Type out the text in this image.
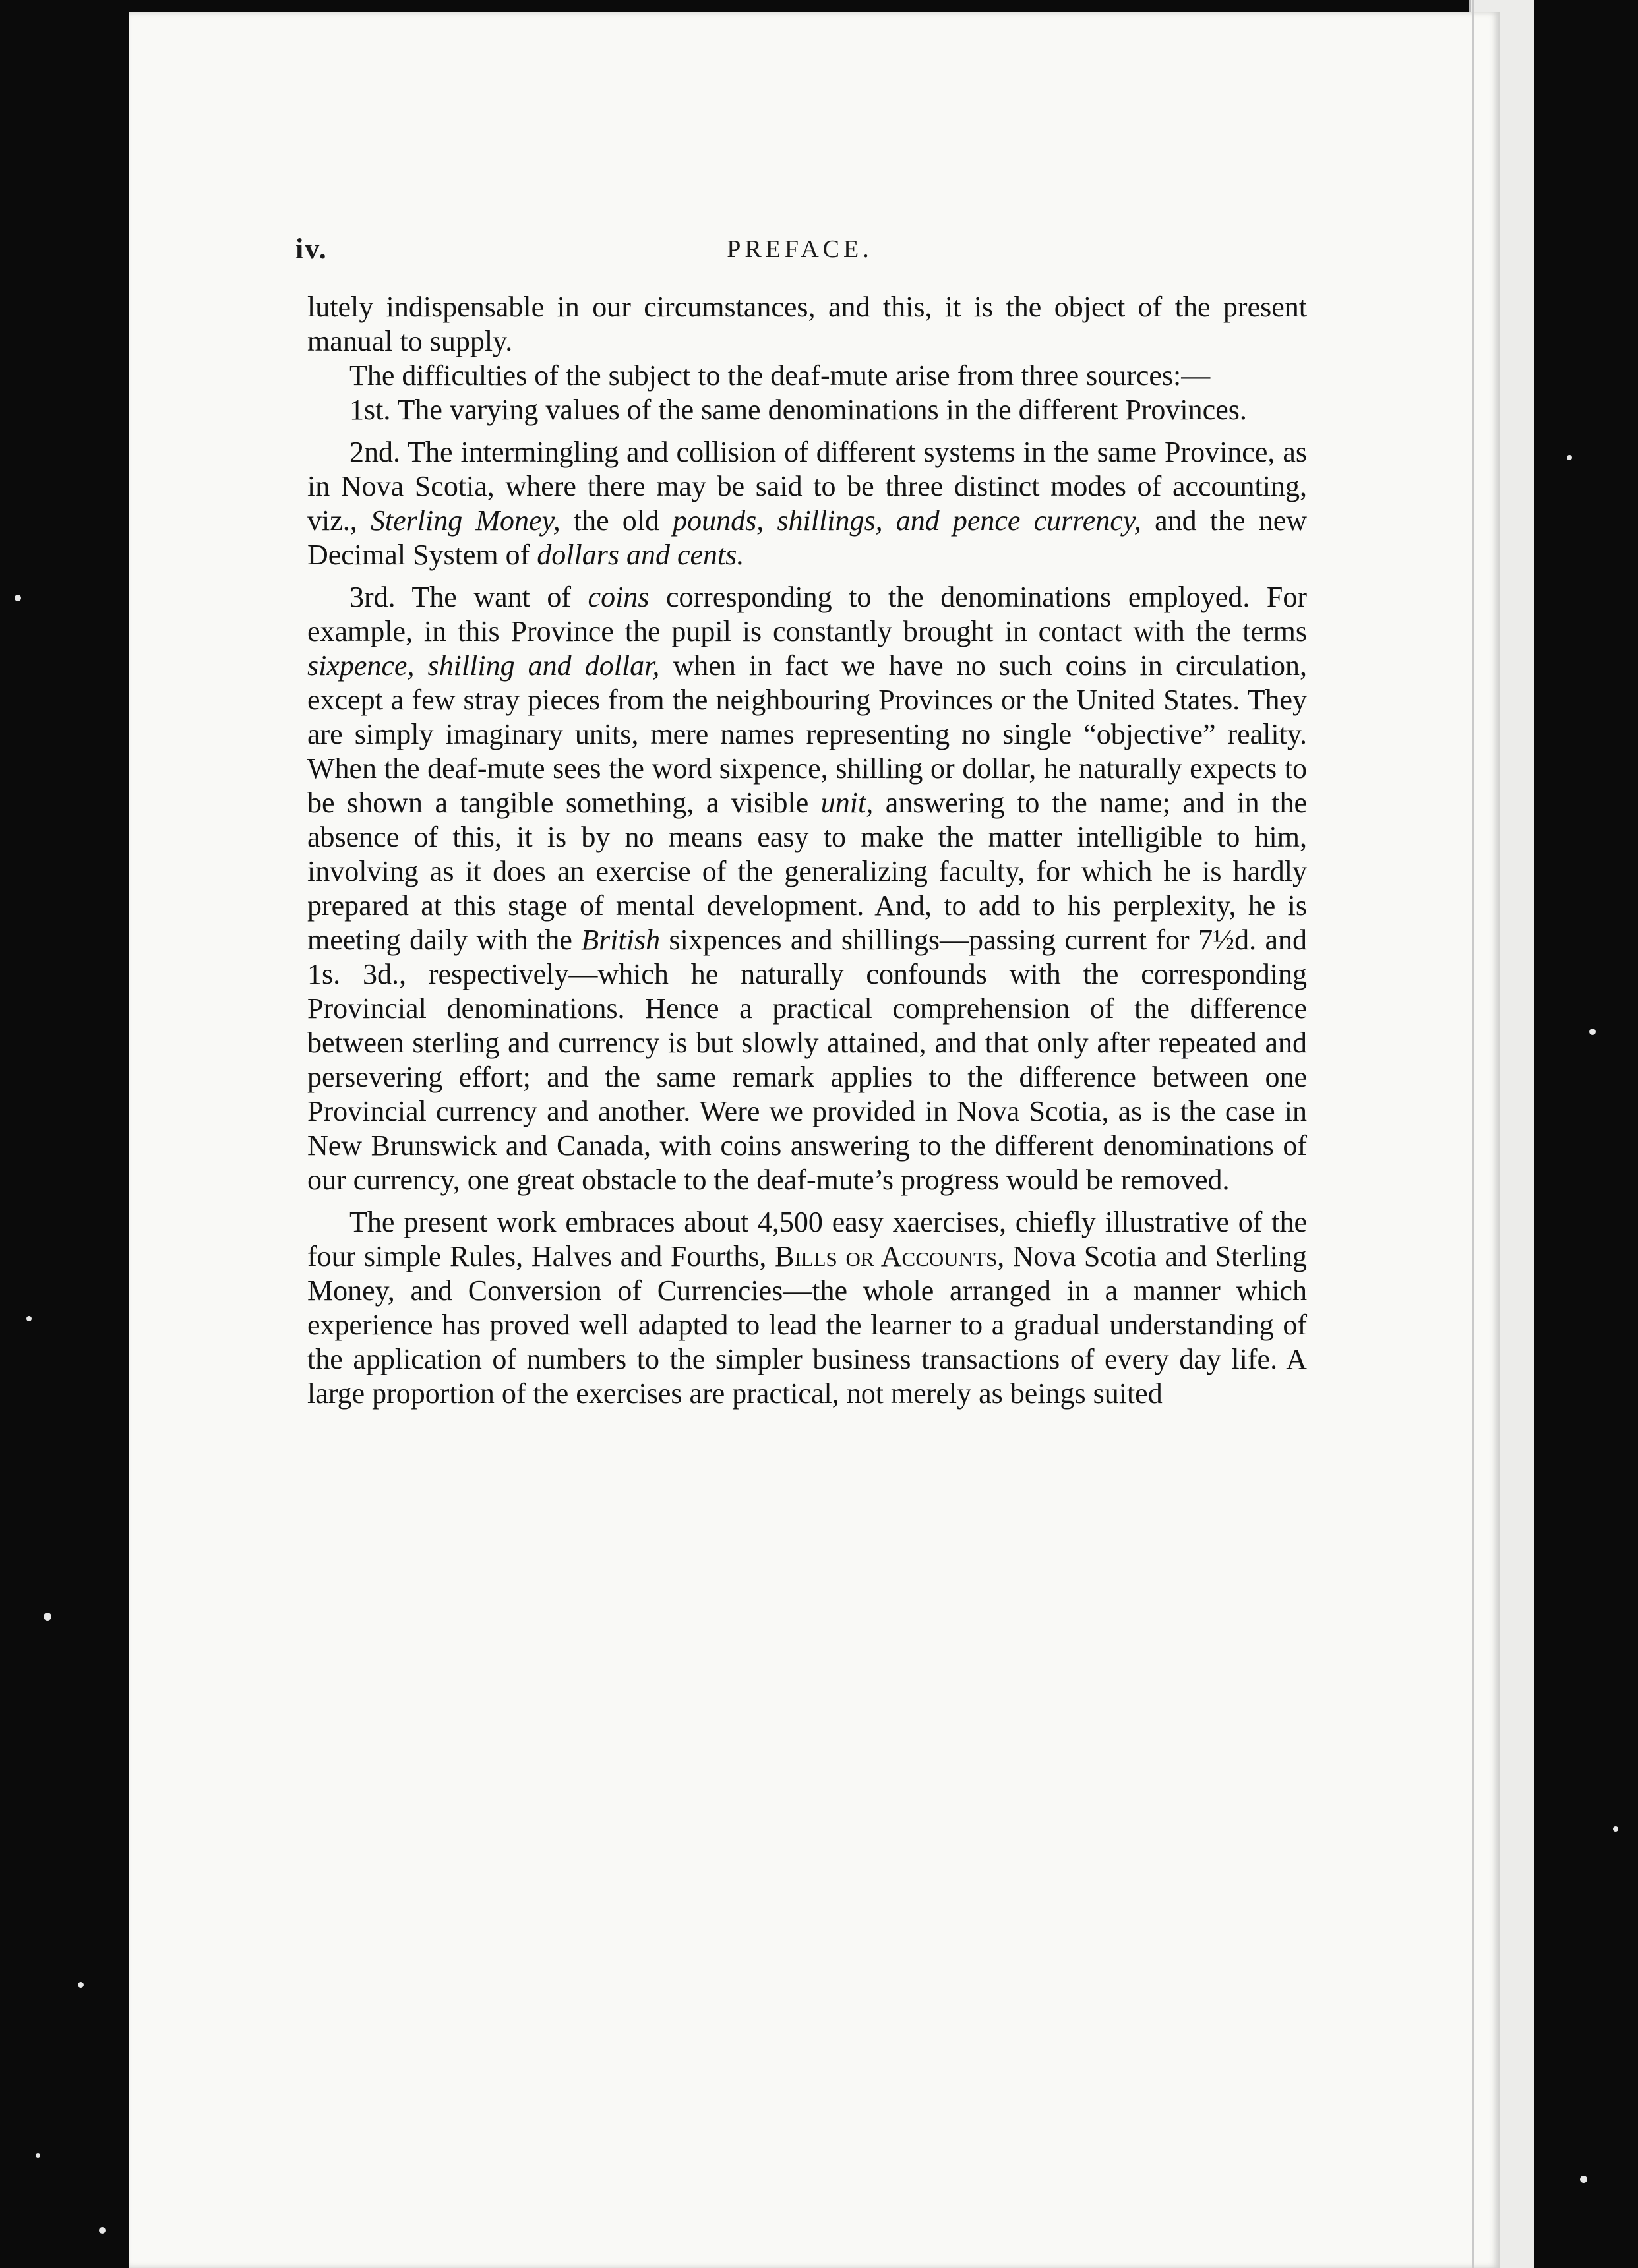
iv.	PREFACE.

lutely indispensable in our circumstances, and this, it is the object of the present manual to supply.

The difficulties of the subject to the deaf-mute arise from three sources:—

1st. The varying values of the same denominations in the different Provinces.

2nd. The intermingling and collision of different systems in the same Province, as in Nova Scotia, where there may be said to be three distinct modes of accounting, viz., Sterling Money, the old pounds, shillings, and pence currency, and the new Decimal System of dollars and cents.

3rd. The want of coins corresponding to the denominations employed. For example, in this Province the pupil is constantly brought in contact with the terms sixpence, shilling and dollar, when in fact we have no such coins in circulation, except a few stray pieces from the neighbouring Provinces or the United States. They are simply imaginary units, mere names representing no single “objective” reality. When the deaf-mute sees the word sixpence, shilling or dollar, he naturally expects to be shown a tangible something, a visible unit, answering to the name; and in the absence of this, it is by no means easy to make the matter intelligible to him, involving as it does an exercise of the generalizing faculty, for which he is hardly prepared at this stage of mental development. And, to add to his perplexity, he is meeting daily with the British sixpences and shillings—passing current for 7½d. and 1s. 3d., respectively—which he naturally confounds with the corresponding Provincial denominations. Hence a practical comprehension of the difference between sterling and currency is but slowly attained, and that only after repeated and persevering effort; and the same remark applies to the difference between one Provincial currency and another. Were we provided in Nova Scotia, as is the case in New Brunswick and Canada, with coins answering to the different denominations of our currency, one great obstacle to the deaf-mute’s progress would be removed.

The present work embraces about 4,500 easy xaercises, chiefly illustrative of the four simple Rules, Halves and Fourths, Bills or Accounts, Nova Scotia and Sterling Money, and Conversion of Currencies—the whole arranged in a manner which experience has proved well adapted to lead the learner to a gradual understanding of the application of numbers to the simpler business transactions of every day life. A large proportion of the exercises are practical, not merely as beings suited
